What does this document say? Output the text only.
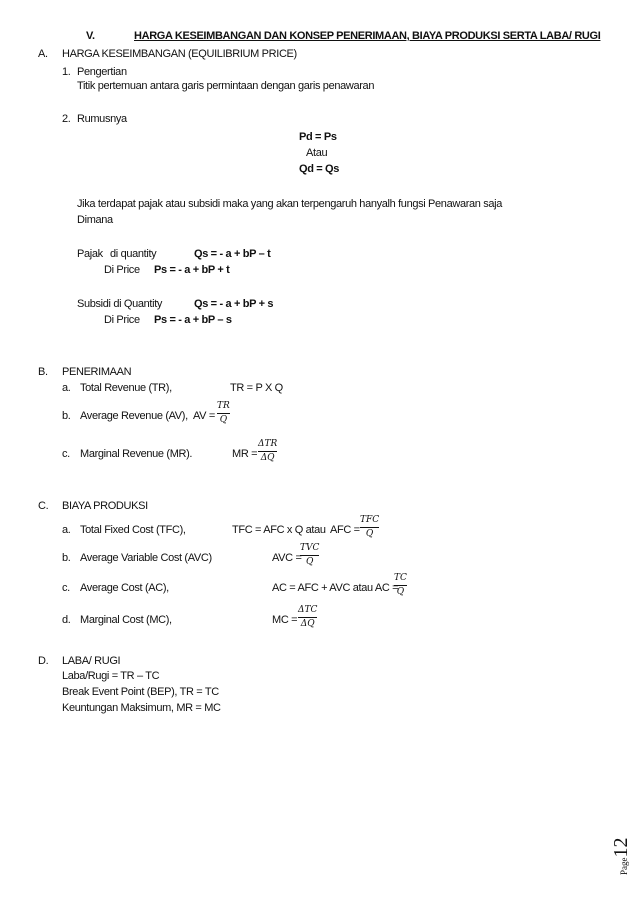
V.	HARGA KESEIMBANGAN DAN KONSEP PENERIMAAN, BIAYA PRODUKSI SERTA LABA/ RUGI
A. HARGA KESEIMBANGAN (EQUILIBRIUM PRICE)
1. Pengertian
Titik pertemuan antara garis permintaan dengan garis penawaran
2. Rumusnya
Pd = Ps
Atau
Qd = Qs
Jika terdapat pajak atau subsidi maka yang akan terpengaruh hanyalh fungsi Penawaran saja
Dimana
Pajak di quantity	Qs = - a + bP – t
Di Price Ps = - a + bP + t
Subsidi di Quantity	Qs = - a + bP + s
Di Price Ps = - a + bP – s
B. PENERIMAAN
a. Total Revenue (TR),	TR = P X Q
b. Average Revenue (AV), AV =
TR
Q
c. Marginal Revenue (MR).	MR =
ΔTR
ΔQ
C. BIAYA PRODUKSI
a. Total Fixed Cost (TFC),	TFC = AFC x Q atau AFC =
TFC
Q
b. Average Variable Cost (AVC)	AVC =
TVC
Q
c. Average Cost (AC),	AC = AFC + AVC atau AC =
TC
Q
d. Marginal Cost (MC),	MC =
ΔTC
ΔQ
D. LABA/ RUGI
Laba/Rugi = TR – TC
Break Event Point (BEP), TR = TC
Keuntungan Maksimum, MR = MC
Page12
